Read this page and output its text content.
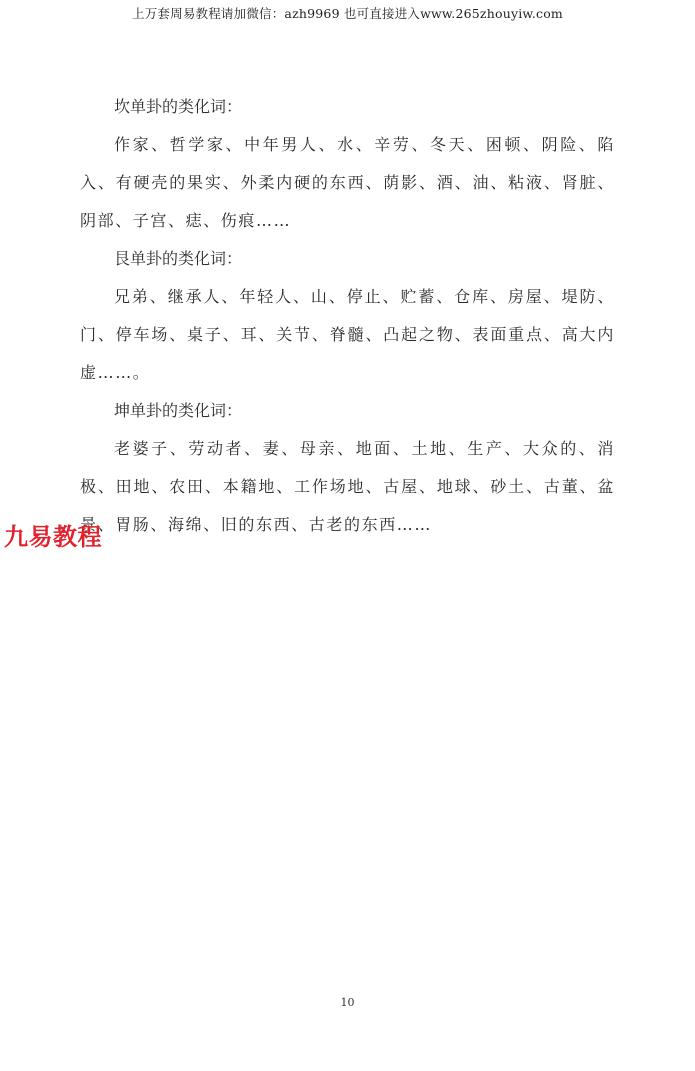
上万套周易教程请加微信：azh9969 也可直接进入www.265zhouyiw.com

坎单卦的类化词：

作家、哲学家、中年男人、水、辛劳、冬天、困顿、阴险、陷入、有硬壳的果实、外柔内硬的东西、荫影、酒、油、粘液、肾脏、阴部、子宫、痣、伤痕……

艮单卦的类化词：

兄弟、继承人、年轻人、山、停止、贮蓄、仓库、房屋、堤防、门、停车场、桌子、耳、关节、脊髓、凸起之物、表面重点、高大内虚……。

坤单卦的类化词：

老婆子、劳动者、妻、母亲、地面、土地、生产、大众的、消极、田地、农田、本籍地、工作场地、古屋、地球、砂土、古董、盆景、胃肠、海绵、旧的东西、古老的东西……

九易教程
10
